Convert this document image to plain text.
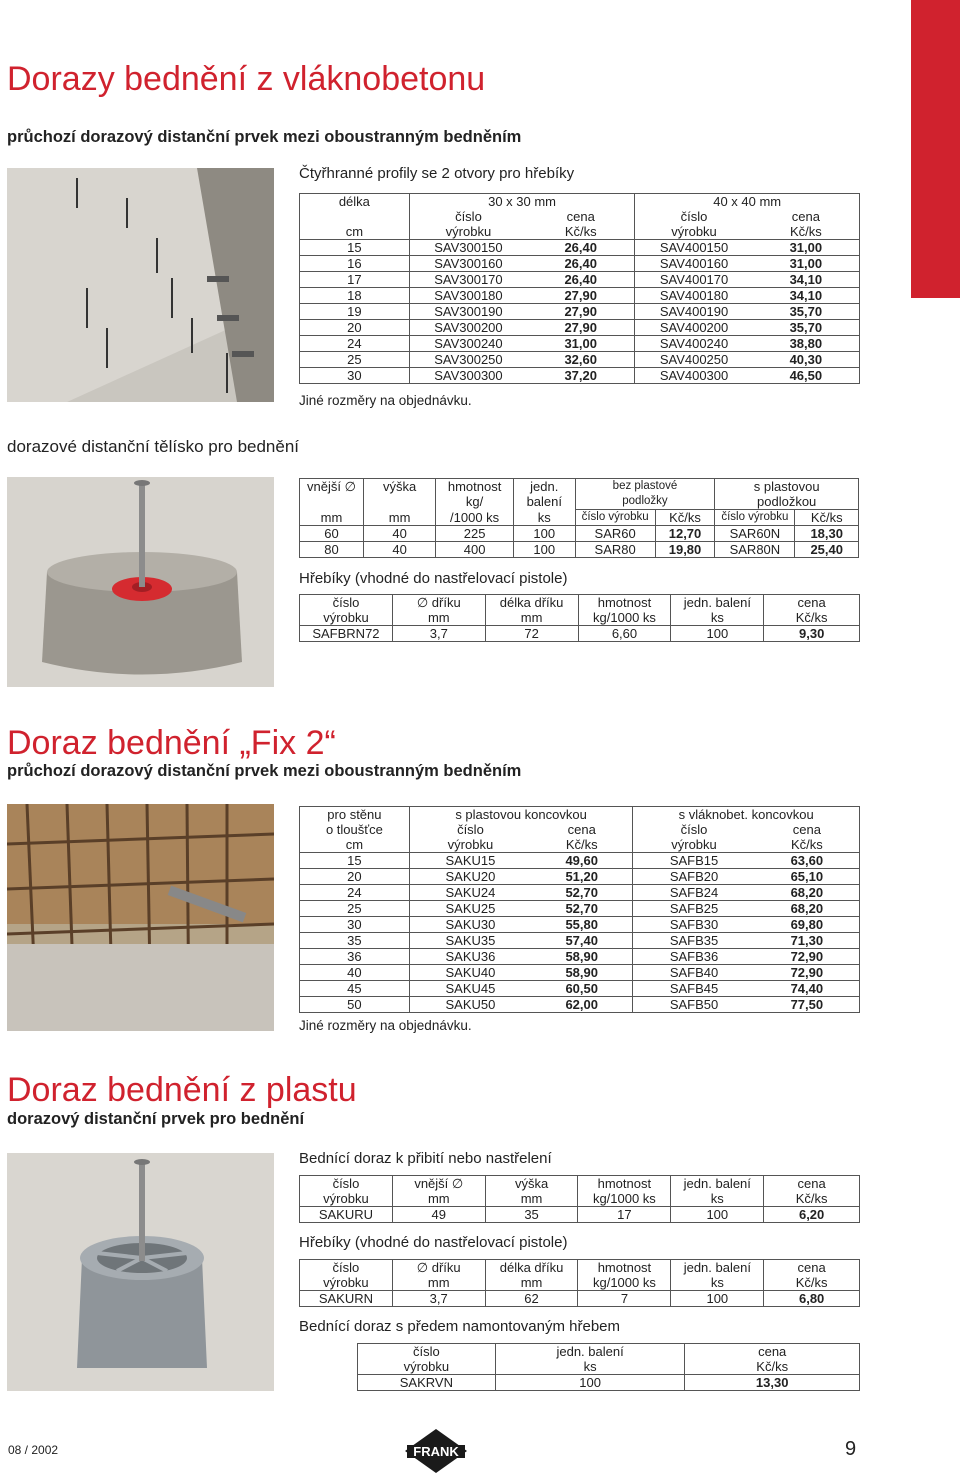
Dorazy bednění z vláknobetonu
průchozí dorazový distanční prvek mezi oboustranným bedněním
Čtyřhranné profily se 2 otvory pro hřebíky
délka	30 x 30 mm		40 x 40 mm	
	číslo	cena	číslo	cena
cm	výrobku	Kč/ks	výrobku	Kč/ks
15	SAV300150	26,40	SAV400150	31,00
16	SAV300160	26,40	SAV400160	31,00
17	SAV300170	26,40	SAV400170	34,10
18	SAV300180	27,90	SAV400180	34,10
19	SAV300190	27,90	SAV400190	35,70
20	SAV300200	27,90	SAV400200	35,70
24	SAV300240	31,00	SAV400240	38,80
25	SAV300250	32,60	SAV400250	40,30
30	SAV300300	37,20	SAV400300	46,50
Jiné rozměry na objednávku.
dorazové distanční tělísko pro bednění
vnější ∅	výška	hmotnost	jedn.	bez plastové		s plastovou	
		kg/	balení	podložky		podložkou	
mm	mm	/1000 ks	ks	číslo výrobku	Kč/ks	číslo výrobku	Kč/ks
60	40	225	100	SAR60	12,70	SAR60N	18,30
80	40	400	100	SAR80	19,80	SAR80N	25,40
Hřebíky (vhodné do nastřelovací pistole)
číslo	∅ dříku	délka dříku	hmotnost	jedn. balení	cena
výrobku	mm	mm	kg/1000 ks	ks	Kč/ks
SAFBRN72	3,7	72	6,60	100	9,30
Doraz bednění „Fix 2“
průchozí dorazový distanční prvek mezi oboustranným bedněním
pro stěnu	s plastovou koncovkou		s vláknobet. koncovkou	
o tloušťce	číslo	cena	číslo	cena
cm	výrobku	Kč/ks	výrobku	Kč/ks
15	SAKU15	49,60	SAFB15	63,60
20	SAKU20	51,20	SAFB20	65,10
24	SAKU24	52,70	SAFB24	68,20
25	SAKU25	52,70	SAFB25	68,20
30	SAKU30	55,80	SAFB30	69,80
35	SAKU35	57,40	SAFB35	71,30
36	SAKU36	58,90	SAFB36	72,90
40	SAKU40	58,90	SAFB40	72,90
45	SAKU45	60,50	SAFB45	74,40
50	SAKU50	62,00	SAFB50	77,50
Jiné rozměry na objednávku.
Doraz bednění z plastu
dorazový distanční prvek pro bednění
Bednící doraz k přibití nebo nastřelení
číslo	vnější ∅	výška	hmotnost	jedn. balení	cena
výrobku	mm	mm	kg/1000 ks	ks	Kč/ks
SAKURU	49	35	17	100	6,20
Hřebíky (vhodné do nastřelovací pistole)
číslo	∅ dříku	délka dříku	hmotnost	jedn. balení	cena
výrobku	mm	mm	kg/1000 ks	ks	Kč/ks
SAKURN	3,7	62	7	100	6,80
Bednící doraz s předem namontovaným hřebem
číslo	jedn. balení	cena
výrobku	ks	Kč/ks
SAKRVN	100	13,30
08 / 2002	FRANK	9
